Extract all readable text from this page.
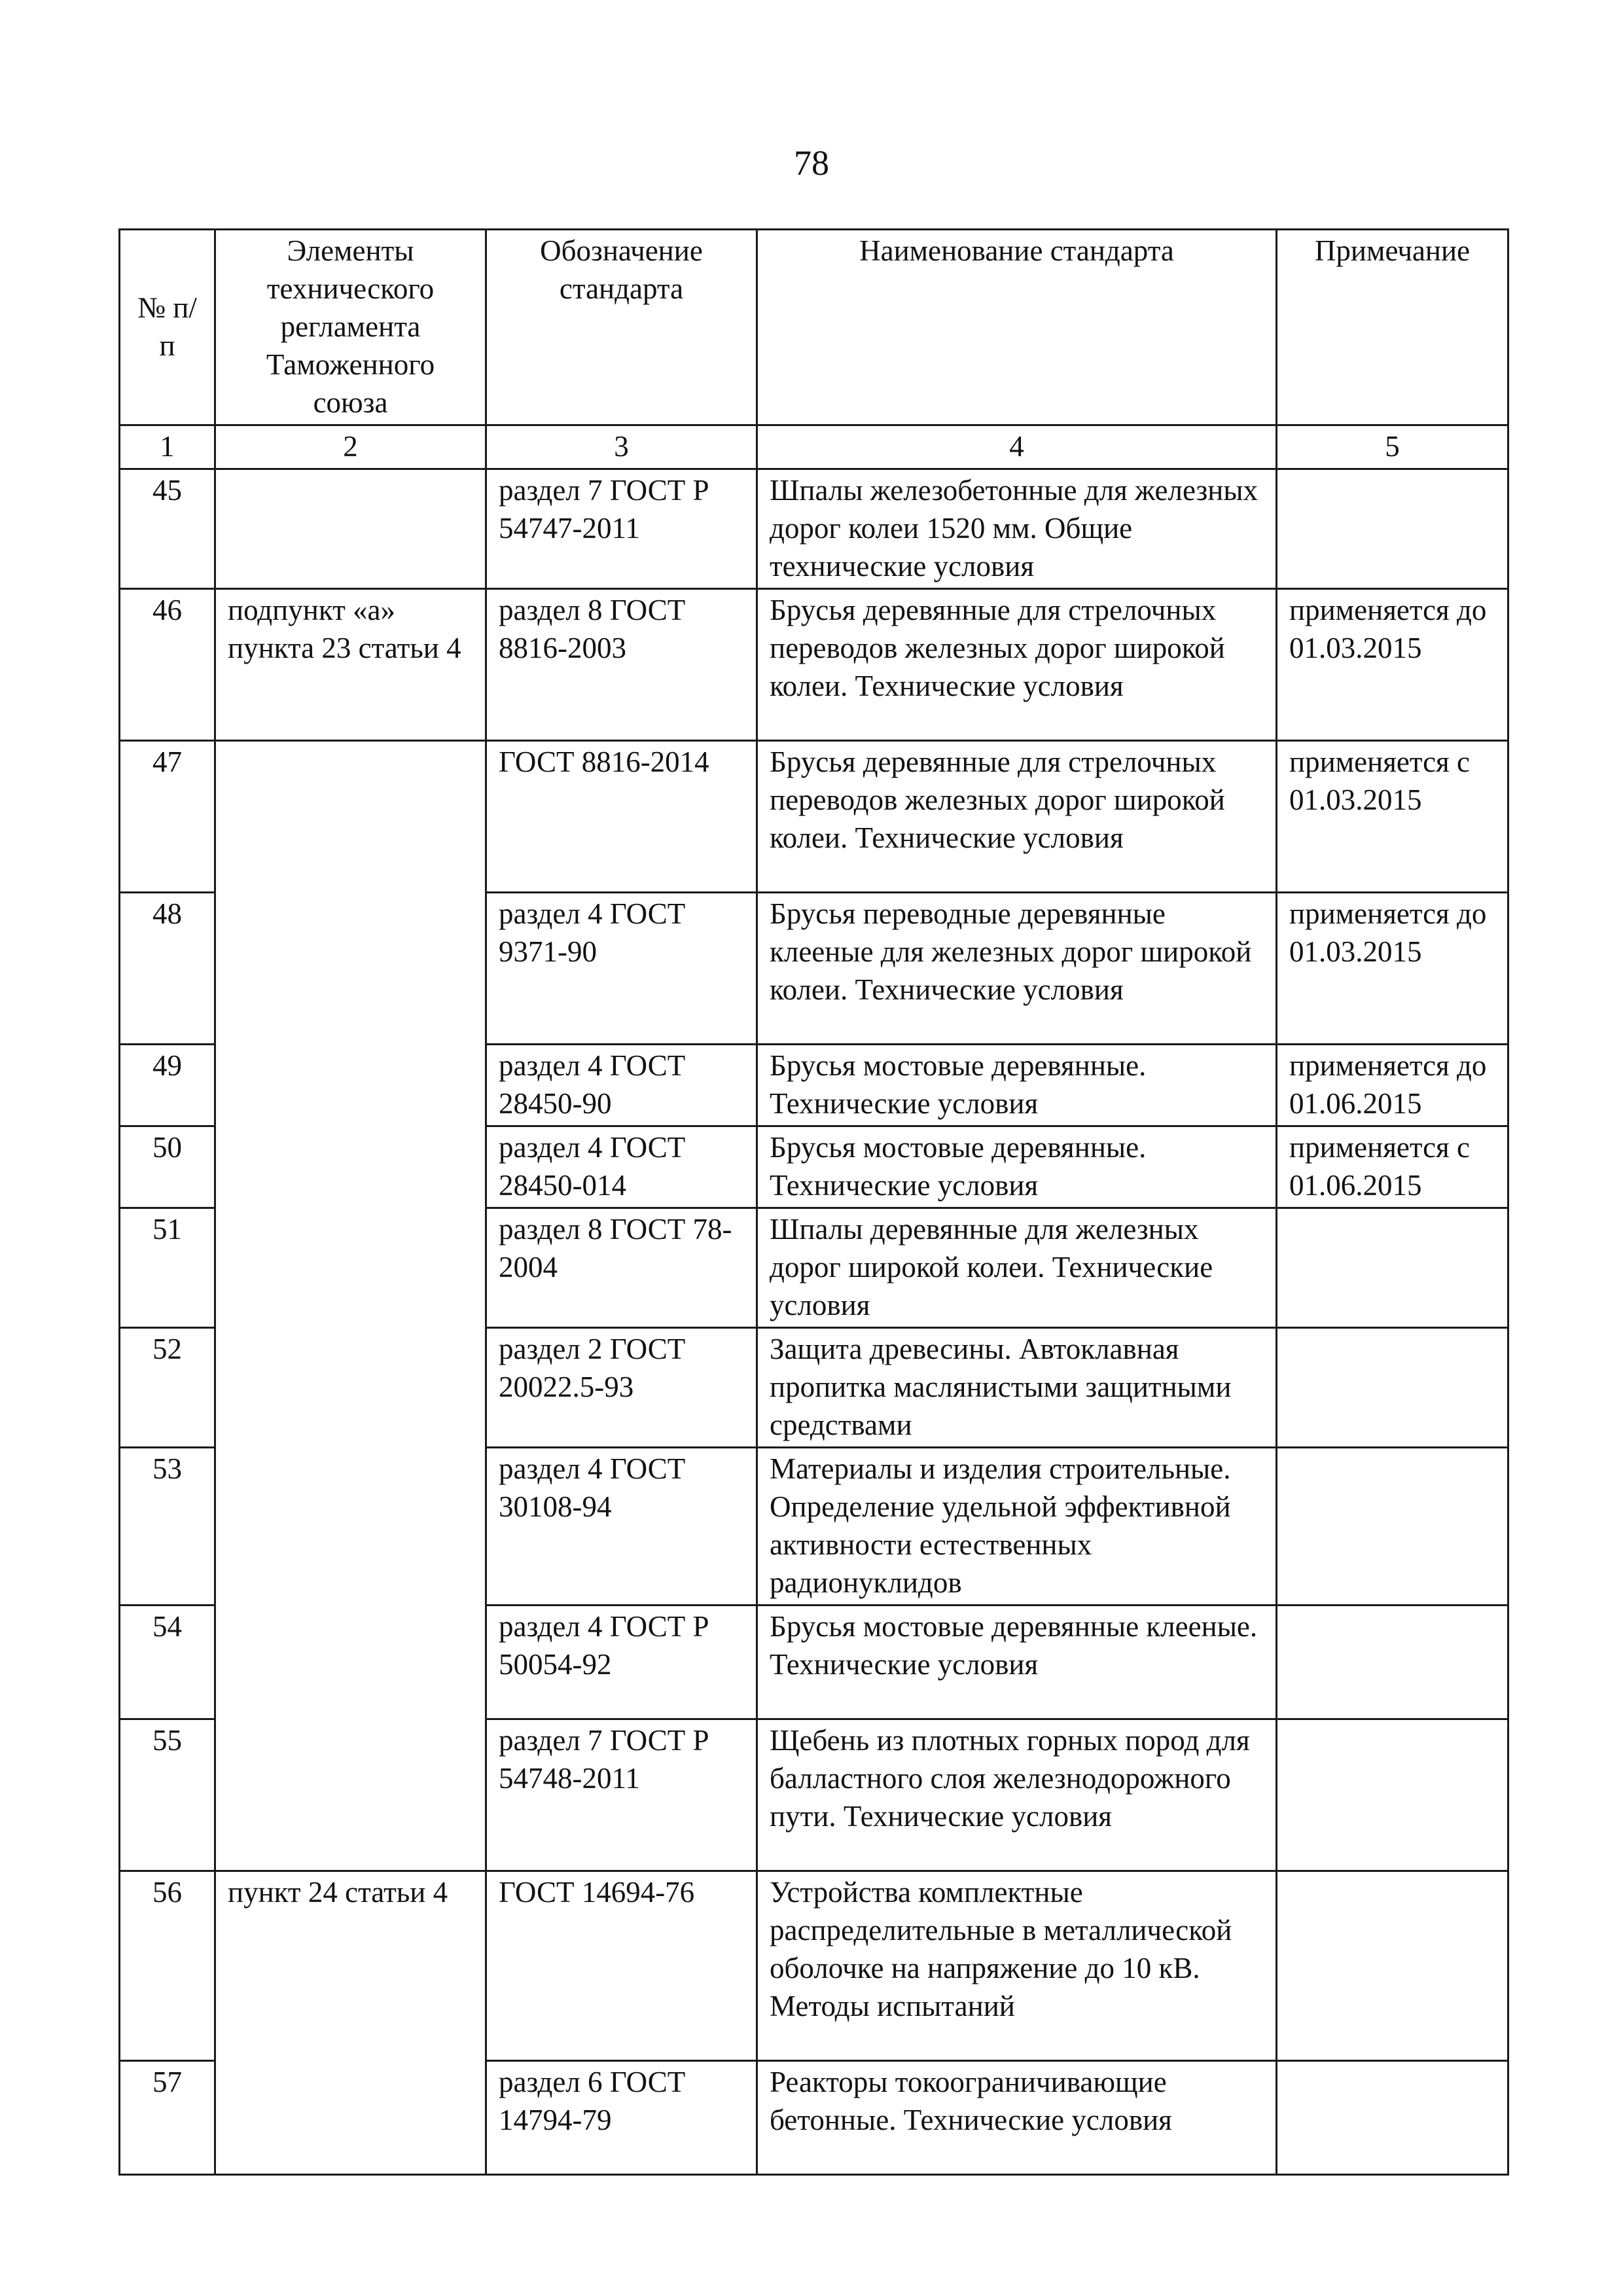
78
№ п/п	Элементы технического регламента Таможенного союза	Обозначение стандарта	Наименование стандарта	Примечание
1	2	3	4	5
45		раздел 7 ГОСТ Р 54747-2011	Шпалы железобетонные для железных дорог колеи 1520 мм. Общие технические условия	
46	подпункт «а» пункта 23 статьи 4	раздел 8 ГОСТ 8816-2003	Брусья деревянные для стрелочных переводов железных дорог широкой колеи. Технические условия	применяется до 01.03.2015
47		ГОСТ 8816-2014	Брусья деревянные для стрелочных переводов железных дорог широкой колеи. Технические условия	применяется с 01.03.2015
48		раздел 4 ГОСТ 9371-90	Брусья переводные деревянные клееные для железных дорог широкой колеи. Технические условия	применяется до 01.03.2015
49		раздел 4 ГОСТ 28450-90	Брусья мостовые деревянные. Технические условия	применяется до 01.06.2015
50		раздел 4 ГОСТ 28450-014	Брусья мостовые деревянные. Технические условия	применяется с 01.06.2015
51		раздел 8 ГОСТ 78-2004	Шпалы деревянные для железных дорог широкой колеи. Технические условия	
52		раздел 2 ГОСТ 20022.5-93	Защита древесины. Автоклавная пропитка маслянистыми защитными средствами	
53		раздел 4 ГОСТ 30108-94	Материалы и изделия строительные. Определение удельной эффективной активности естественных радионуклидов	
54		раздел 4 ГОСТ Р 50054-92	Брусья мостовые деревянные клееные. Технические условия	
55		раздел 7 ГОСТ Р 54748-2011	Щебень из плотных горных пород для балластного слоя железнодорожного пути. Технические условия	
56	пункт 24 статьи 4	ГОСТ 14694-76	Устройства комплектные распределительные в металлической оболочке на напряжение до 10 кВ. Методы испытаний	
57		раздел 6 ГОСТ 14794-79	Реакторы токоограничивающие бетонные. Технические условия	
